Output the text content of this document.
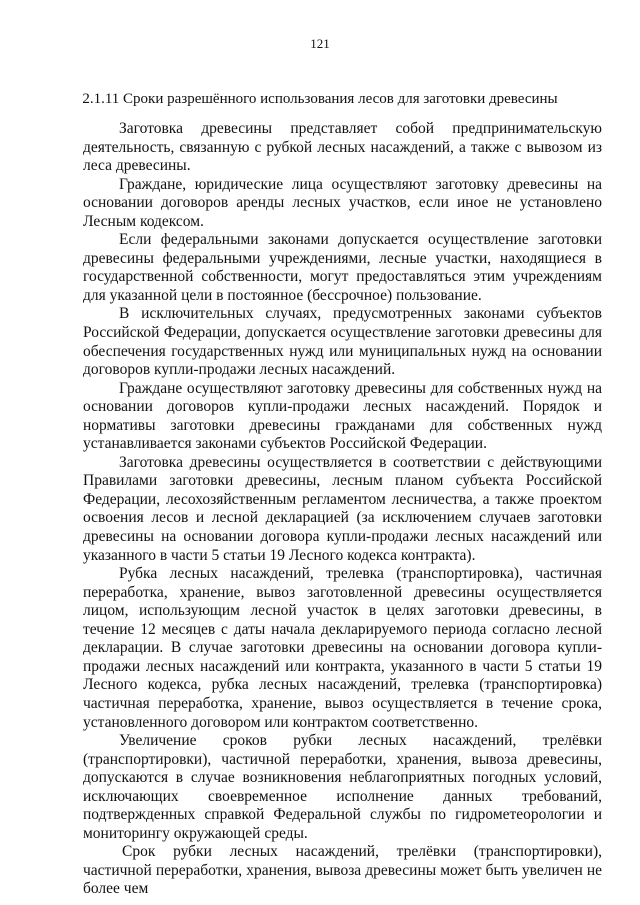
121
2.1.11 Сроки разрешённого использования лесов для заготовки древесины

Заготовка древесины представляет собой предпринимательскую деятельность, связанную с рубкой лесных насаждений, а также с вывозом из леса древесины.

Граждане, юридические лица осуществляют заготовку древесины на основании договоров аренды лесных участков, если иное не установлено Лесным кодексом.

Если федеральными законами допускается осуществление заготовки древесины федеральными учреждениями, лесные участки, находящиеся в государственной собственности, могут предоставляться этим учреждениям для указанной цели в постоянное (бессрочное) пользование.

В исключительных случаях, предусмотренных законами субъектов Российской Федерации, допускается осуществление заготовки древесины для обеспечения государственных нужд или муниципальных нужд на основании договоров купли-продажи лесных насаждений.

Граждане осуществляют заготовку древесины для собственных нужд на основании договоров купли-продажи лесных насаждений. Порядок и нормативы заготовки древесины гражданами для собственных нужд устанавливается законами субъектов Российской Федерации.

Заготовка древесины осуществляется в соответствии с действующими Правилами заготовки древесины, лесным планом субъекта Российской Федерации, лесохозяйственным регламентом лесничества, а также проектом освоения лесов и лесной декларацией (за исключением случаев заготовки древесины на основании договора купли-продажи лесных насаждений или указанного в части 5 статьи 19 Лесного кодекса контракта).

Рубка лесных насаждений, трелевка (транспортировка), частичная переработка, хранение, вывоз заготовленной древесины осуществляется лицом, использующим лесной участок в целях заготовки древесины, в течение 12 месяцев с даты начала декларируемого периода согласно лесной декларации. В случае заготовки древесины на основании договора купли-продажи лесных насаждений или контракта, указанного в части 5 статьи 19 Лесного кодекса, рубка лесных насаждений, трелевка (транспортировка) частичная переработка, хранение, вывоз осуществляется в течение срока, установленного договором или контрактом соответственно.

Увеличение сроков рубки лесных насаждений, трелёвки (транспортировки), частичной переработки, хранения, вывоза древесины, допускаются в случае возникновения неблагоприятных погодных условий, исключающих своевременное исполнение данных требований, подтвержденных справкой Федеральной службы по гидрометеорологии и мониторингу окружающей среды.

Срок рубки лесных насаждений, трелёвки (транспортировки), частичной переработки, хранения, вывоза древесины может быть увеличен не более чем
